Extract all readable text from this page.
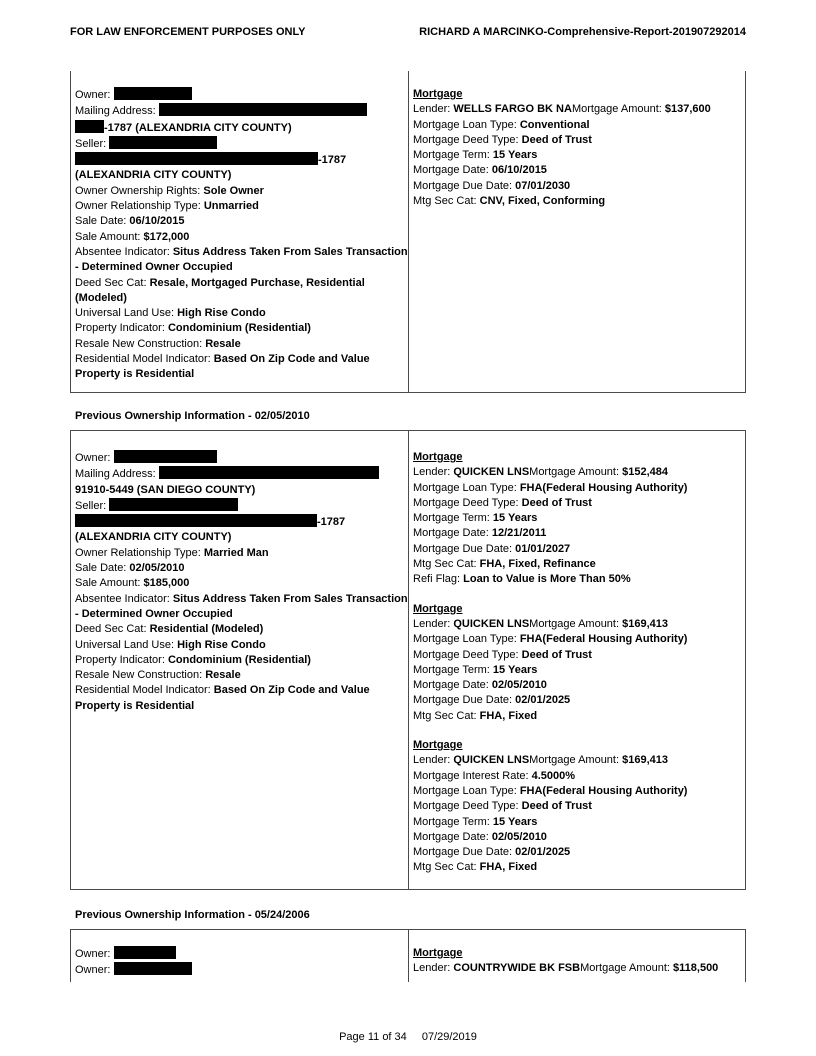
FOR LAW ENFORCEMENT PURPOSES ONLY	RICHARD A MARCINKO-Comprehensive-Report-201907292014
Owner:
Mailing Address:
-1787 (ALEXANDRIA CITY COUNTY)
Seller:
-1787
(ALEXANDRIA CITY COUNTY)
Owner Ownership Rights: Sole Owner
Owner Relationship Type: Unmarried
Sale Date: 06/10/2015
Sale Amount: $172,000
Absentee Indicator: Situs Address Taken From Sales Transaction
- Determined Owner Occupied
Deed Sec Cat: Resale, Mortgaged Purchase, Residential
(Modeled)
Universal Land Use: High Rise Condo
Property Indicator: Condominium (Residential)
Resale New Construction: Resale
Residential Model Indicator: Based On Zip Code and Value
Property is Residential
Mortgage
Lender: WELLS FARGO BK NAMortgage Amount: $137,600
Mortgage Loan Type: Conventional
Mortgage Deed Type: Deed of Trust
Mortgage Term: 15 Years
Mortgage Date: 06/10/2015
Mortgage Due Date: 07/01/2030
Mtg Sec Cat: CNV, Fixed, Conforming
Previous Ownership Information - 02/05/2010
Owner:
Mailing Address:
91910-5449 (SAN DIEGO COUNTY)
Seller:
-1787
(ALEXANDRIA CITY COUNTY)
Owner Relationship Type: Married Man
Sale Date: 02/05/2010
Sale Amount: $185,000
Absentee Indicator: Situs Address Taken From Sales Transaction
- Determined Owner Occupied
Deed Sec Cat: Residential (Modeled)
Universal Land Use: High Rise Condo
Property Indicator: Condominium (Residential)
Resale New Construction: Resale
Residential Model Indicator: Based On Zip Code and Value
Property is Residential
Mortgage
Lender: QUICKEN LNSMortgage Amount: $152,484
Mortgage Loan Type: FHA(Federal Housing Authority)
Mortgage Deed Type: Deed of Trust
Mortgage Term: 15 Years
Mortgage Date: 12/21/2011
Mortgage Due Date: 01/01/2027
Mtg Sec Cat: FHA, Fixed, Refinance
Refi Flag: Loan to Value is More Than 50%
Mortgage
Lender: QUICKEN LNSMortgage Amount: $169,413
Mortgage Loan Type: FHA(Federal Housing Authority)
Mortgage Deed Type: Deed of Trust
Mortgage Term: 15 Years
Mortgage Date: 02/05/2010
Mortgage Due Date: 02/01/2025
Mtg Sec Cat: FHA, Fixed
Mortgage
Lender: QUICKEN LNSMortgage Amount: $169,413
Mortgage Interest Rate: 4.5000%
Mortgage Loan Type: FHA(Federal Housing Authority)
Mortgage Deed Type: Deed of Trust
Mortgage Term: 15 Years
Mortgage Date: 02/05/2010
Mortgage Due Date: 02/01/2025
Mtg Sec Cat: FHA, Fixed
Previous Ownership Information - 05/24/2006
Owner:
Owner:
Mortgage
Lender: COUNTRYWIDE BK FSBMortgage Amount: $118,500
Page 11 of 34 07/29/2019
